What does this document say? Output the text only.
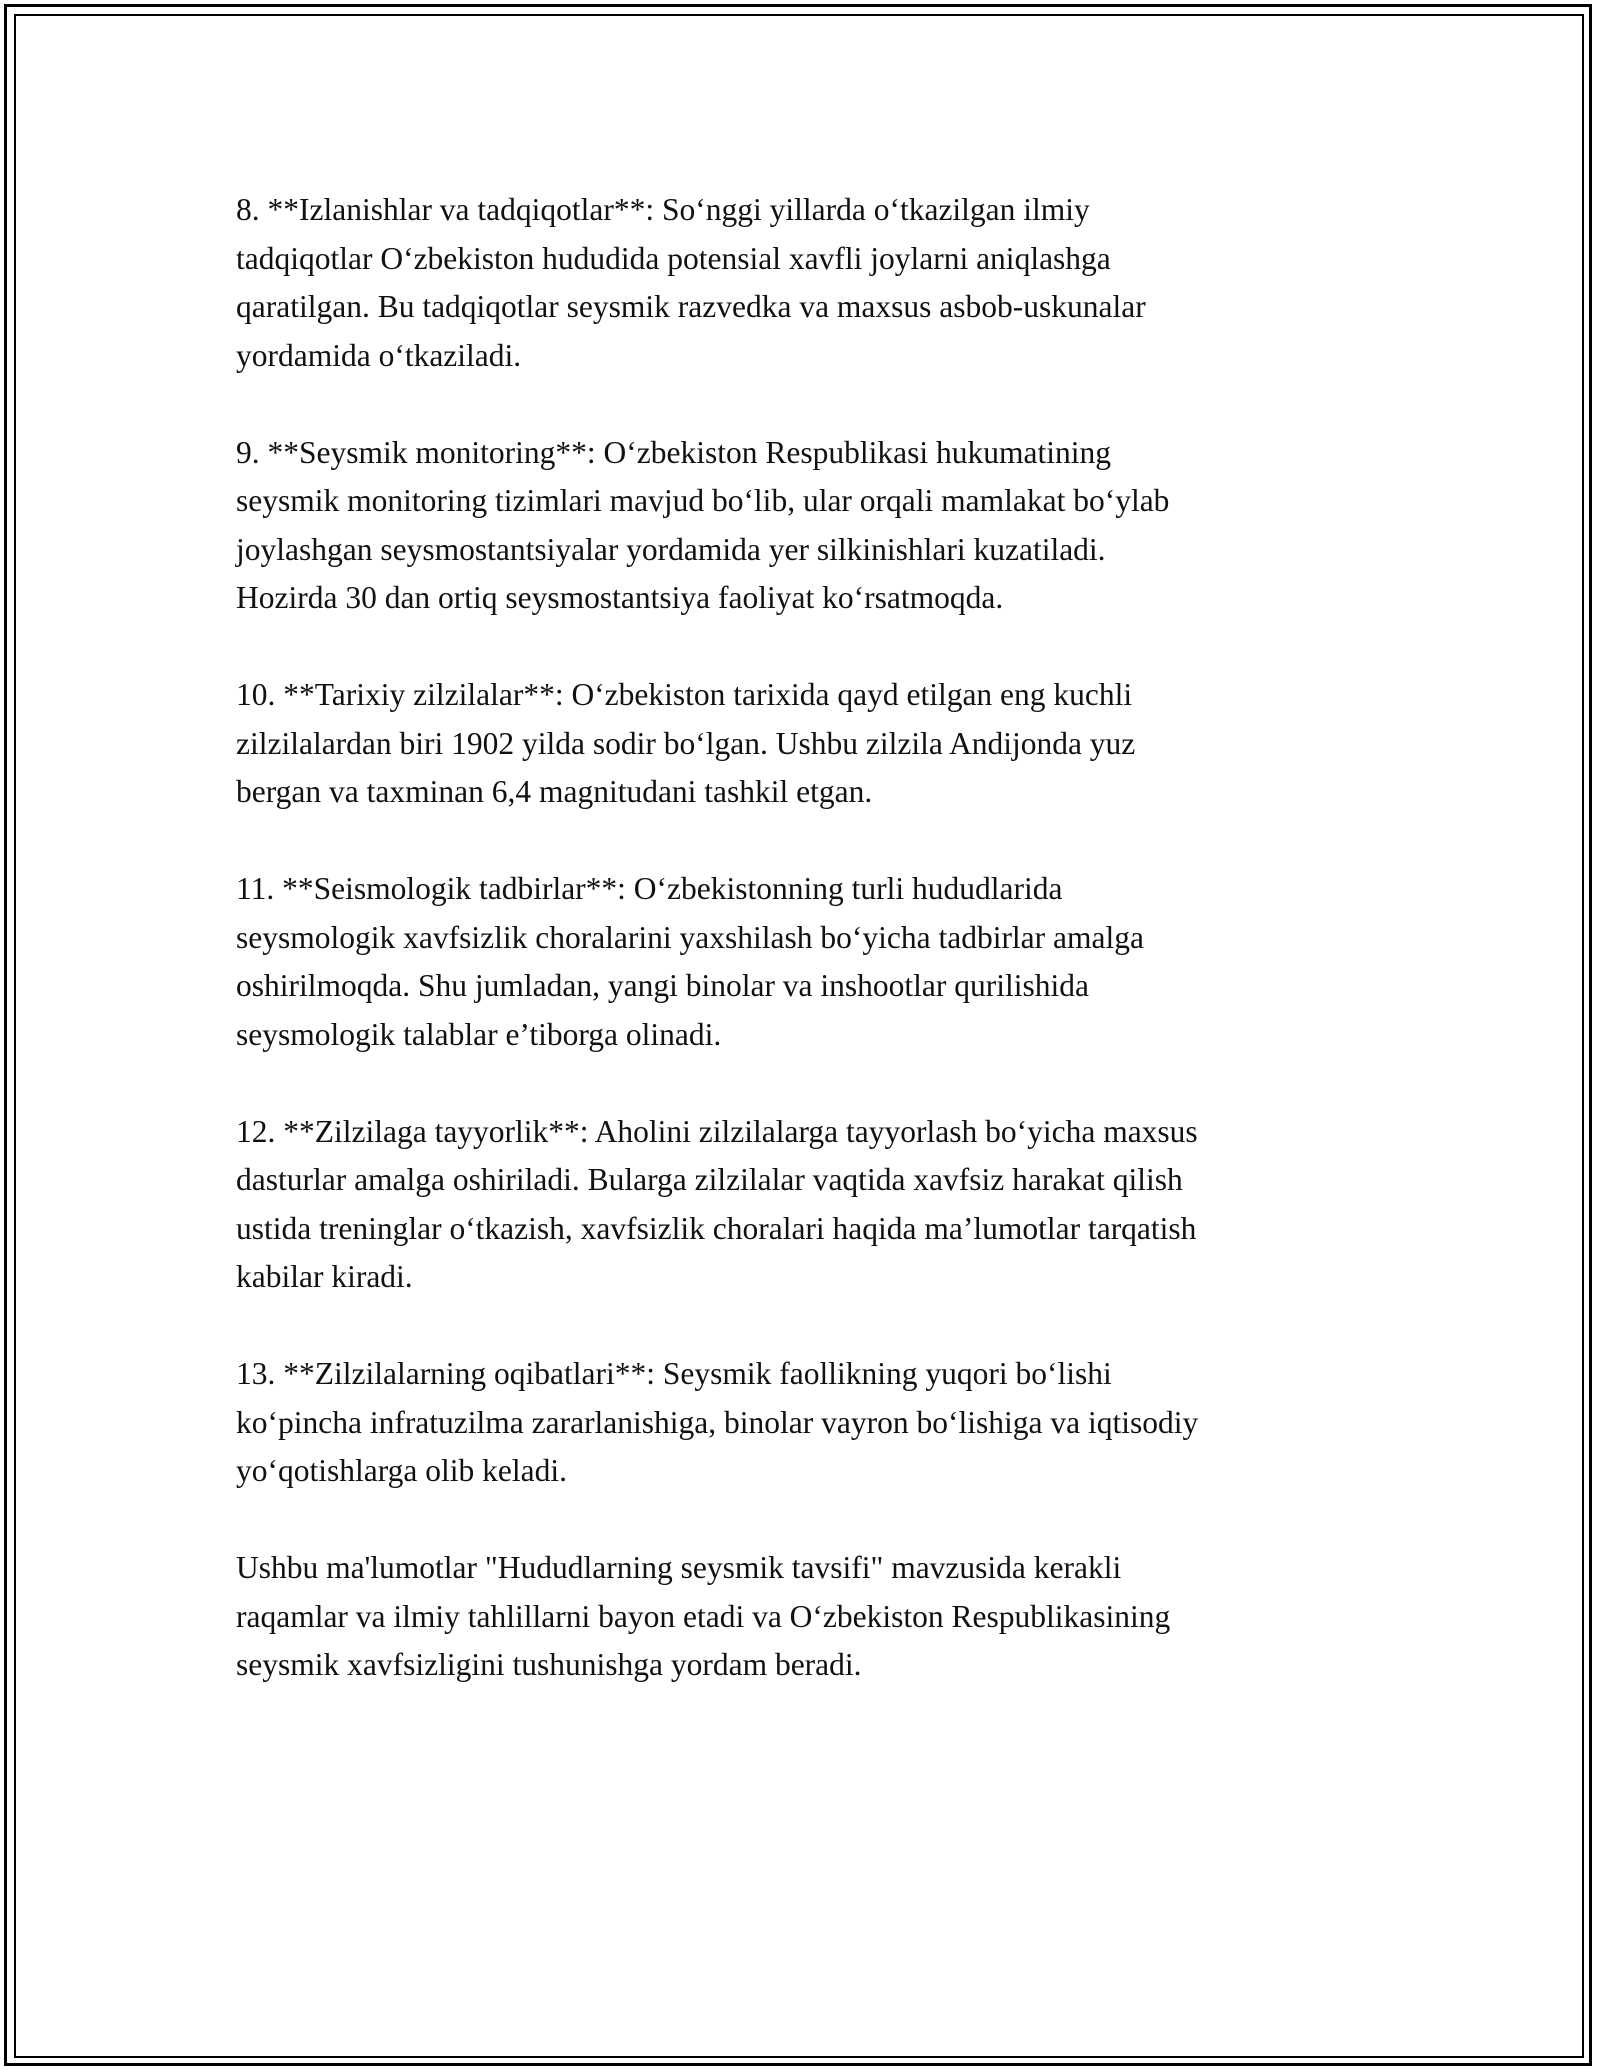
8. **Izlanishlar va tadqiqotlar**: So‘nggi yillarda o‘tkazilgan ilmiy
tadqiqotlar O‘zbekiston hududida potensial xavfli joylarni aniqlashga
qaratilgan. Bu tadqiqotlar seysmik razvedka va maxsus asbob-uskunalar
yordamida o‘tkaziladi.

9. **Seysmik monitoring**: O‘zbekiston Respublikasi hukumatining
seysmik monitoring tizimlari mavjud bo‘lib, ular orqali mamlakat bo‘ylab
joylashgan seysmostantsiyalar yordamida yer silkinishlari kuzatiladi.
Hozirda 30 dan ortiq seysmostantsiya faoliyat ko‘rsatmoqda.

10. **Tarixiy zilzilalar**: O‘zbekiston tarixida qayd etilgan eng kuchli
zilzilalardan biri 1902 yilda sodir bo‘lgan. Ushbu zilzila Andijonda yuz
bergan va taxminan 6,4 magnitudani tashkil etgan.

11. **Seismologik tadbirlar**: O‘zbekistonning turli hududlarida
seysmologik xavfsizlik choralarini yaxshilash bo‘yicha tadbirlar amalga
oshirilmoqda. Shu jumladan, yangi binolar va inshootlar qurilishida
seysmologik talablar e’tiborga olinadi.

12. **Zilzilaga tayyorlik**: Aholini zilzilalarga tayyorlash bo‘yicha maxsus
dasturlar amalga oshiriladi. Bularga zilzilalar vaqtida xavfsiz harakat qilish
ustida treninglar o‘tkazish, xavfsizlik choralari haqida ma’lumotlar tarqatish
kabilar kiradi.

13. **Zilzilalarning oqibatlari**: Seysmik faollikning yuqori bo‘lishi
ko‘pincha infratuzilma zararlanishiga, binolar vayron bo‘lishiga va iqtisodiy
yo‘qotishlarga olib keladi.

Ushbu ma'lumotlar "Hududlarning seysmik tavsifi" mavzusida kerakli
raqamlar va ilmiy tahlillarni bayon etadi va O‘zbekiston Respublikasining
seysmik xavfsizligini tushunishga yordam beradi.
